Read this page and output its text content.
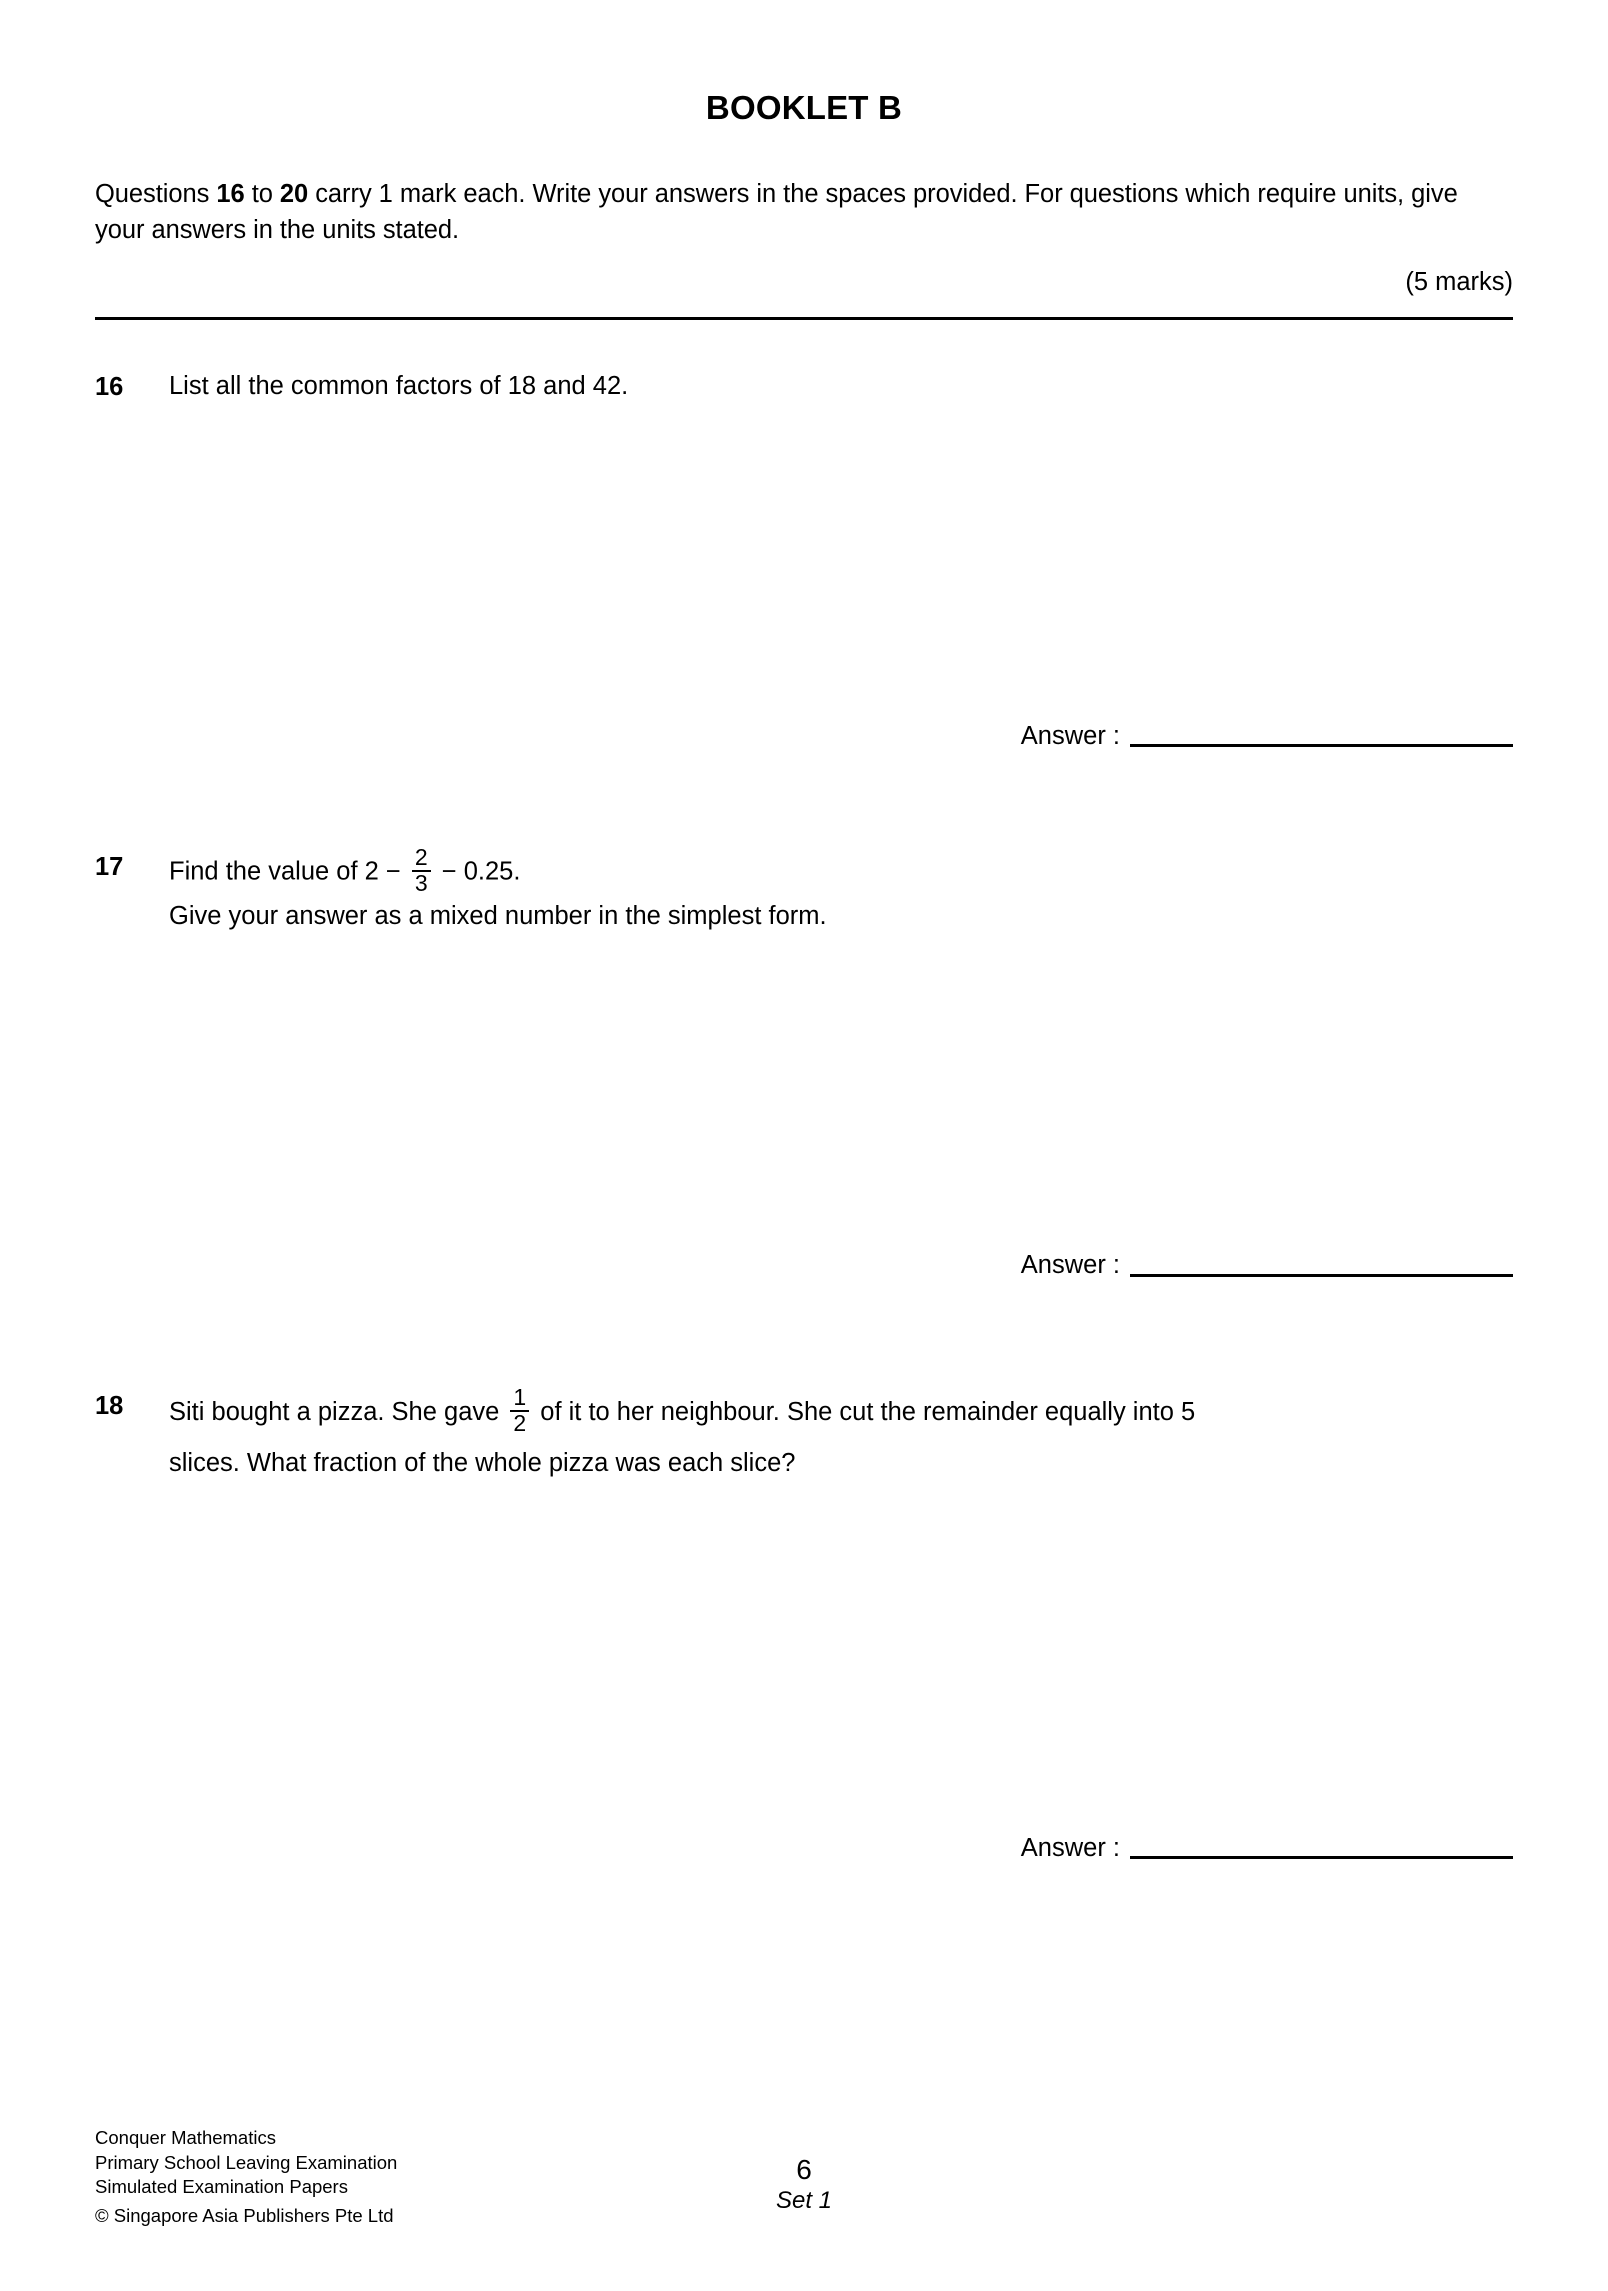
BOOKLET B
Questions 16 to 20 carry 1 mark each. Write your answers in the spaces provided. For questions which require units, give your answers in the units stated.
(5 marks)
16	List all the common factors of 18 and 42.
Answer :
17	Find the value of $2 - \frac{2}{3} - 0.25$.
Give your answer as a mixed number in the simplest form.
Answer :
18	Siti bought a pizza. She gave $\frac{1}{2}$ of it to her neighbour. She cut the remainder equally into 5
slices. What fraction of the whole pizza was each slice?
Answer :
Conquer Mathematics
Primary School Leaving Examination
Simulated Examination Papers
© Singapore Asia Publishers Pte Ltd
6
Set 1
